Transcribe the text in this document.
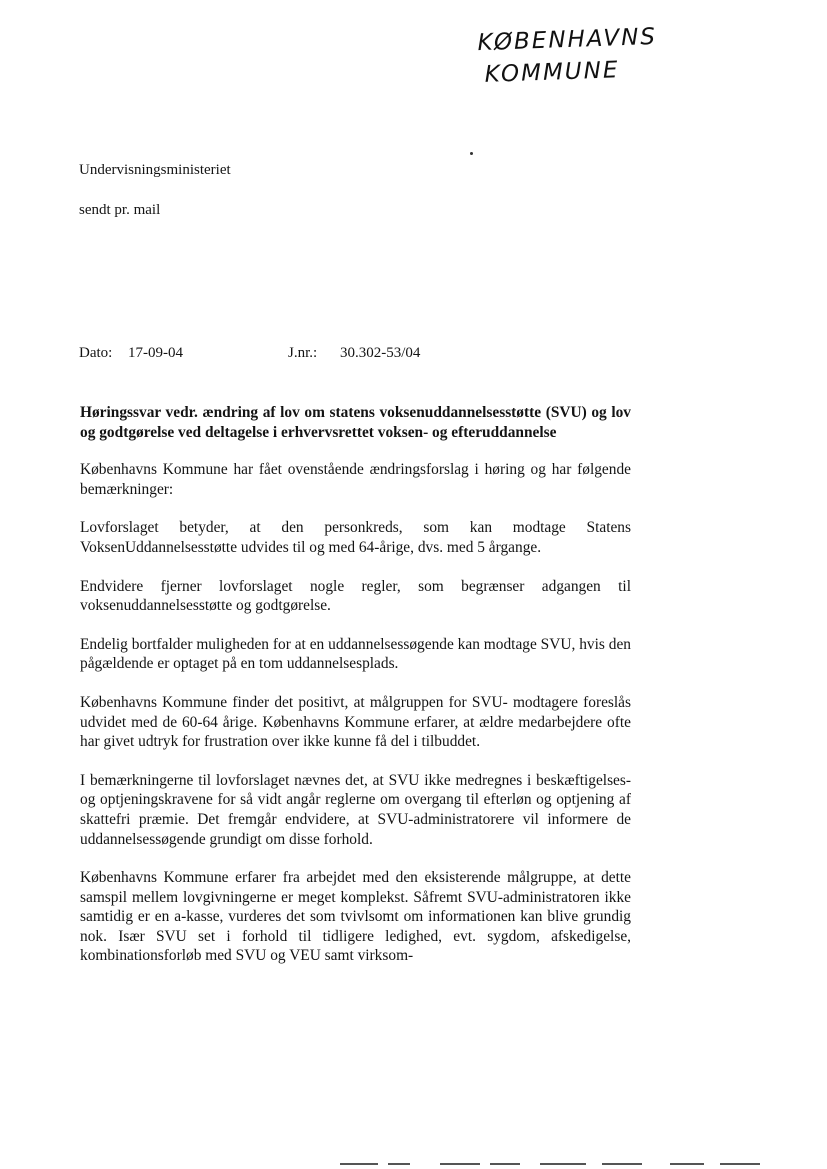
KØBENHAVNS
KOMMUNE
Undervisningsministeriet
sendt pr. mail
Dato: 17-09-04	J.nr.: 30.302-53/04

Høringssvar vedr. ændring af lov om statens voksenuddannelsesstøtte (SVU) og lov og godtgørelse ved deltagelse i erhvervsrettet voksen- og efteruddannelse

Københavns Kommune har fået ovenstående ændringsforslag i høring og har følgende bemærkninger:

Lovforslaget betyder, at den personkreds, som kan modtage Statens VoksenUddannelsesstøtte udvides til og med 64-årige, dvs. med 5 årgange.

Endvidere fjerner lovforslaget nogle regler, som begrænser adgangen til voksenuddannelsesstøtte og godtgørelse.

Endelig bortfalder muligheden for at en uddannelsessøgende kan modtage SVU, hvis den pågældende er optaget på en tom uddannelsesplads.

Københavns Kommune finder det positivt, at målgruppen for SVU- modtagere foreslås udvidet med de 60-64 årige. Københavns Kommune erfarer, at ældre medarbejdere ofte har givet udtryk for frustration over ikke kunne få del i tilbuddet.

I bemærkningerne til lovforslaget nævnes det, at SVU ikke medregnes i beskæftigelses- og optjeningskravene for så vidt angår reglerne om overgang til efterløn og optjening af skattefri præmie. Det fremgår endvidere, at SVU-administratorere vil informere de uddannelsessøgende grundigt om disse forhold.

Københavns Kommune erfarer fra arbejdet med den eksisterende målgruppe, at dette samspil mellem lovgivningerne er meget komplekst. Såfremt SVU-administratoren ikke samtidig er en a-kasse, vurderes det som tvivlsomt om informationen kan blive grundig nok. Især SVU set i forhold til tidligere ledighed, evt. sygdom, afskedigelse, kombinationsforløb med SVU og VEU samt virksom-
